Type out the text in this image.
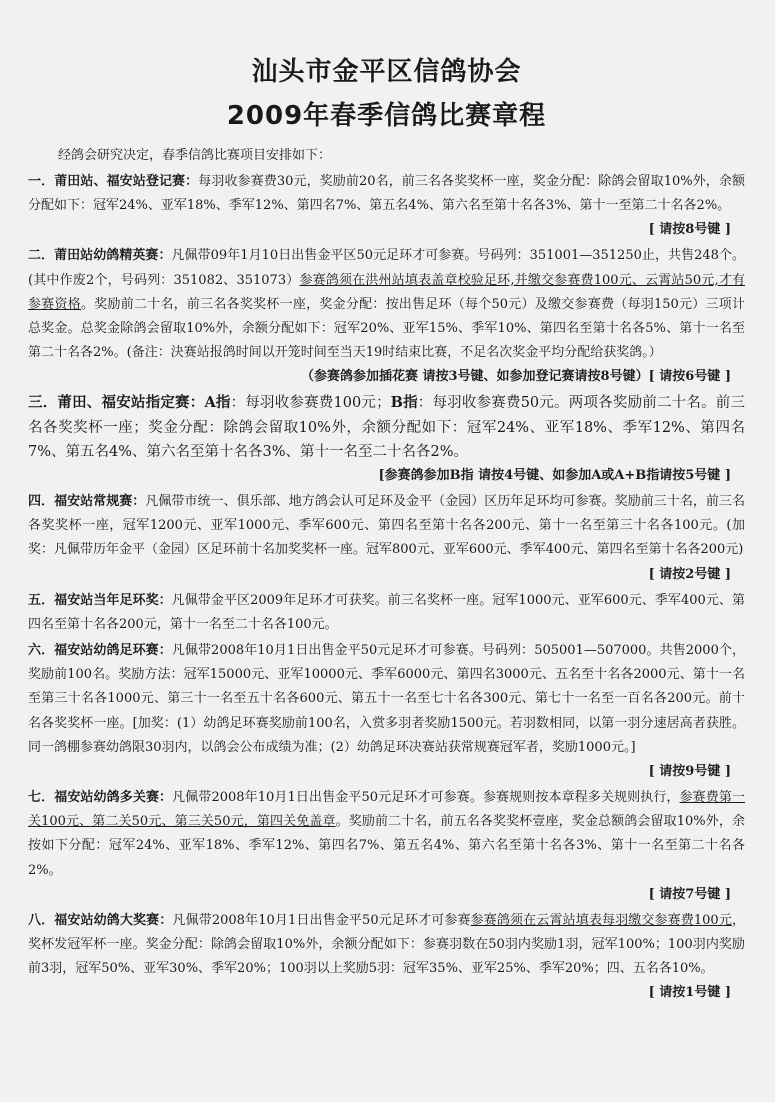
汕头市金平区信鸽协会
2009年春季信鸽比赛章程

经鸽会研究决定，春季信鸽比赛项目安排如下：

一．莆田站、福安站登记赛：每羽收参赛费30元，奖励前20名，前三名各奖奖杯一座，奖金分配：除鸽会留取10%外，余额分配如下：冠军24%、亚军18%、季军12%、第四名7%、第五名4%、第六名至第十名各3%、第十一至第二十名各2%。

[ 请按8号键 ]

二．莆田站幼鸽精英赛：凡佩带09年1月10日出售金平区50元足环才可参赛。号码列：351001—351250止，共售248个。(其中作废2个，号码列：351082、351073）参赛鸽须在洪州站填表盖章校验足环,并缴交参赛费100元、云霄站50元,才有参赛资格。奖励前二十名，前三名各奖奖杯一座，奖金分配：按出售足环（每个50元）及缴交参赛费（每羽150元）三项计总奖金。总奖金除鸽会留取10%外，余额分配如下：冠军20%、亚军15%、季军10%、第四名至第十名各5%、第十一名至第二十名各2%。(备注：決赛站报鸽时间以开笼时间至当天19时结束比赛，不足名次奖金平均分配给获奖鸽。）

（参赛鸽参加插花赛 请按3号键、如参加登记赛请按8号键）[ 请按6号键 ]

三．莆田、福安站指定赛：A指：每羽收参赛费100元；B指：每羽收参赛费50元。两项各奖励前二十名。前三名各奖奖杯一座；奖金分配：除鸽会留取10%外，余额分配如下：冠军24%、亚军18%、季军12%、第四名7%、第五名4%、第六名至第十名各3%、第十一名至二十名各2%。

[参赛鸽参加B指 请按4号键、如参加A或A+B指请按5号键 ]

四．福安站常规赛：凡佩带市统一、俱乐部、地方鸽会认可足环及金平（金园）区历年足环均可参赛。奖励前三十名，前三名各奖奖杯一座，冠军1200元、亚军1000元、季军600元、第四名至第十名各200元、第十一名至第三十名各100元。(加奖：凡佩带历年金平（金园）区足环前十名加奖奖杯一座。冠军800元、亚军600元、季军400元、第四名至第十名各200元)

[ 请按2号键 ]

五．福安站当年足环奖：凡佩带金平区2009年足环才可获奖。前三名奖杯一座。冠军1000元、亚军600元、季军400元、第四名至第十名各200元，第十一名至二十名各100元。

六．福安站幼鸽足环赛：凡佩带2008年10月1日出售金平50元足环才可参赛。号码列：505001—507000。共售2000个，奖励前100名。奖励方法：冠军15000元、亚军10000元、季军6000元、第四名3000元、五名至十名各2000元、第十一名至第三十名各1000元、第三十一名至五十名各600元、第五十一名至七十名各300元、第七十一名至一百名各200元。前十名各奖奖杯一座。[加奖：(1）幼鸽足环赛奖励前100名，入赏多羽者奖励1500元。若羽数相同，以第一羽分速居高者获胜。同一鸽棚参赛幼鸽限30羽内，以鸽会公布成绩为准；(2）幼鸽足环决赛站获常规赛冠军者，奖励1000元。]

[ 请按9号键 ]

七．福安站幼鸽多关赛：凡佩带2008年10月1日出售金平50元足环才可参赛。参赛规则按本章程多关规则执行，参赛费第一关100元、第二关50元、第三关50元，第四关免盖章。奖励前二十名，前五名各奖奖杯壹座，奖金总额鸽会留取10%外，余按如下分配：冠军24%、亚军18%、季军12%、第四名7%、第五名4%、第六名至第十名各3%、第十一名至第二十名各2%。

[ 请按7号键 ]

八．福安站幼鸽大奖赛：凡佩带2008年10月1日出售金平50元足环才可参赛参赛鸽须在云霄站填表每羽缴交参赛费100元，奖杯发冠军杯一座。奖金分配：除鸽会留取10%外，余额分配如下：参赛羽数在50羽内奖励1羽，冠军100%；100羽内奖励前3羽，冠军50%、亚军30%、季军20%；100羽以上奖励5羽：冠军35%、亚军25%、季军20%；四、五名各10%。

[ 请按1号键 ]
